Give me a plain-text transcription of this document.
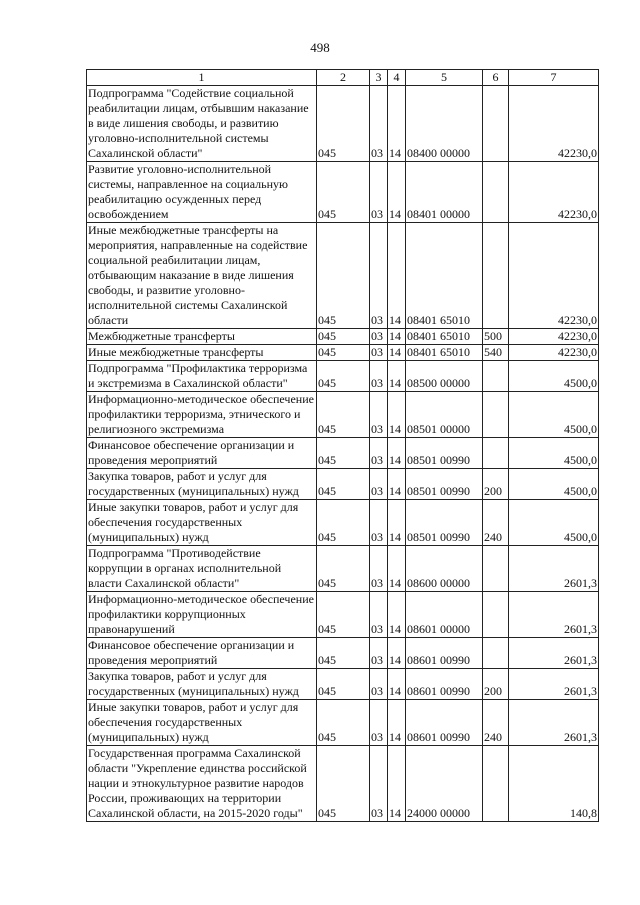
498
1	2	3	4	5	6	7
Подпрограмма "Содействие социальной реабилитации лицам, отбывшим наказание в виде лишения свободы, и развитию уголовно-исполнительной системы Сахалинской области"	045	03	14	08400 00000		42230,0
Развитие уголовно-исполнительной системы, направленное на социальную реабилитацию осужденных перед освобождением	045	03	14	08401 00000		42230,0
Иные межбюджетные трансферты на мероприятия, направленные на содействие социальной реабилитации лицам, отбывающим наказание в виде лишения свободы, и развитие уголовно-исполнительной системы Сахалинской области	045	03	14	08401 65010		42230,0
Межбюджетные трансферты	045	03	14	08401 65010	500	42230,0
Иные межбюджетные трансферты	045	03	14	08401 65010	540	42230,0
Подпрограмма "Профилактика терроризма и экстремизма в Сахалинской области"	045	03	14	08500 00000		4500,0
Информационно-методическое обеспечение профилактики терроризма, этнического и религиозного экстремизма	045	03	14	08501 00000		4500,0
Финансовое обеспечение организации и проведения мероприятий	045	03	14	08501 00990		4500,0
Закупка товаров, работ и услуг для государственных (муниципальных) нужд	045	03	14	08501 00990	200	4500,0
Иные закупки товаров, работ и услуг для обеспечения государственных (муниципальных) нужд	045	03	14	08501 00990	240	4500,0
Подпрограмма "Противодействие коррупции в органах исполнительной власти Сахалинской области"	045	03	14	08600 00000		2601,3
Информационно-методическое обеспечение профилактики коррупционных правонарушений	045	03	14	08601 00000		2601,3
Финансовое обеспечение организации и проведения мероприятий	045	03	14	08601 00990		2601,3
Закупка товаров, работ и услуг для государственных (муниципальных) нужд	045	03	14	08601 00990	200	2601,3
Иные закупки товаров, работ и услуг для обеспечения государственных (муниципальных) нужд	045	03	14	08601 00990	240	2601,3
Государственная программа Сахалинской области "Укрепление единства российской нации и этнокультурное развитие народов России, проживающих на территории Сахалинской области, на 2015-2020 годы"	045	03	14	24000 00000		140,8
